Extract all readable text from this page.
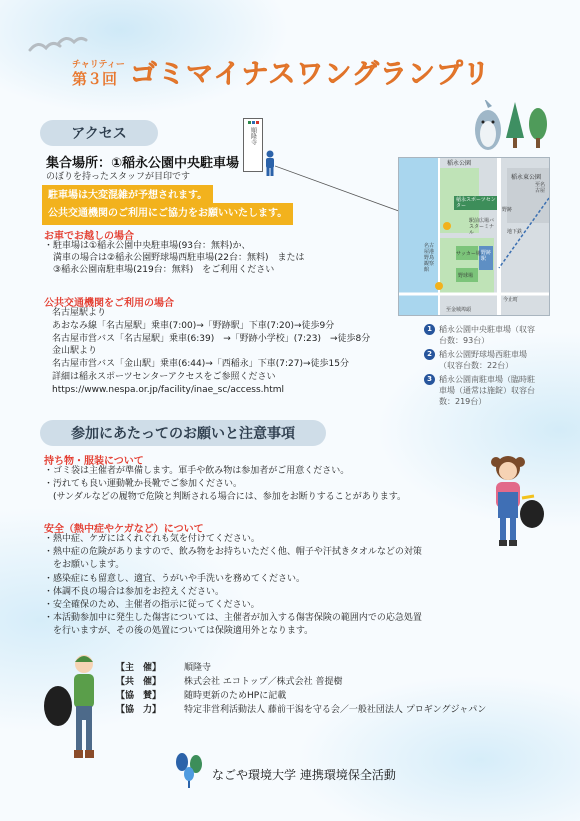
チャリティー
第３回 ゴミマイナスワングランプリ
アクセス	順隆寺
集合場所：①稲永公園中央駐車場
のぼりを持ったスタッフが目印です
駐車場は大変混雑が予想されます。
公共交通機関のご利用にご協力をお願いいたします。
お車でお越しの場合
・駐車場は①稲永公園中央駐車場(93台：無料)か、
　満車の場合は②稲永公園野球場西駐車場(22台：無料)　または
　③稲永公園南駐車場(219台：無料)　をご利用ください
公共交通機関をご利用の場合
名古屋駅より
あおなみ線「名古屋駅」乗車(7:00)→「野跡駅」下車(7:20)→徒歩9分
名古屋市営バス「名古屋駅」乗車(6:39)　→「野跡小学校」(7:23)　→徒歩8分
金山駅より
名古屋市営バス「金山駅」乗車(6:44)→「西稲永」下車(7:27)→徒歩15分
詳細は稲永スポーツセンターアクセスをご参照ください
https://www.nespa.or.jp/facility/inae_sc/access.html
稲永公園
稲永東公園
稲永スポーツセンター
野跡
駅前広場バスターミナル
サッカー場
野球場
名古屋港野鳥観察館
今止町
至金城埠頭
野跡駅
地下鉄
至名古屋
1 稲永公園中央駐車場（収容
台数：93台）
2 稲永公園野球場西駐車場
（収容台数：22台）
3 稲永公園南駐車場（臨時駐
車場（通常は施錠）収容台
数：219台）
参加にあたってのお願いと注意事項
持ち物・服装について
・ゴミ袋は主催者が準備します。軍手や飲み物は参加者がご用意ください。
・汚れても良い運動靴か長靴でご参加ください。
　(サンダルなどの履物で危険と判断される場合には、参加をお断りすることがあります。
安全（熱中症やケガなど）について
・熱中症、ケガにはくれぐれも気を付けてください。
・熱中症の危険がありますので、飲み物をお持ちいただく他、帽子や汗拭きタオルなどの対策
　をお願いします。
・感染症にも留意し、適宜、うがいや手洗いを務めてください。
・体調不良の場合は参加をお控えください。
・安全確保のため、主催者の指示に従ってください。
・本活動参加中に発生した傷害については、主催者が加入する傷害保険の範囲内での応急処置
　を行いますが、その後の処置については保険適用外となります。
【主　催】	順隆寺
【共　催】	株式会社 エコトップ／株式会社 普提樹
【協　賛】	随時更新のためHPに記載
【協　力】	特定非営利活動法人 藤前干潟を守る会／一般社団法人 プロギングジャパン
なごや環境大学 連携環境保全活動
